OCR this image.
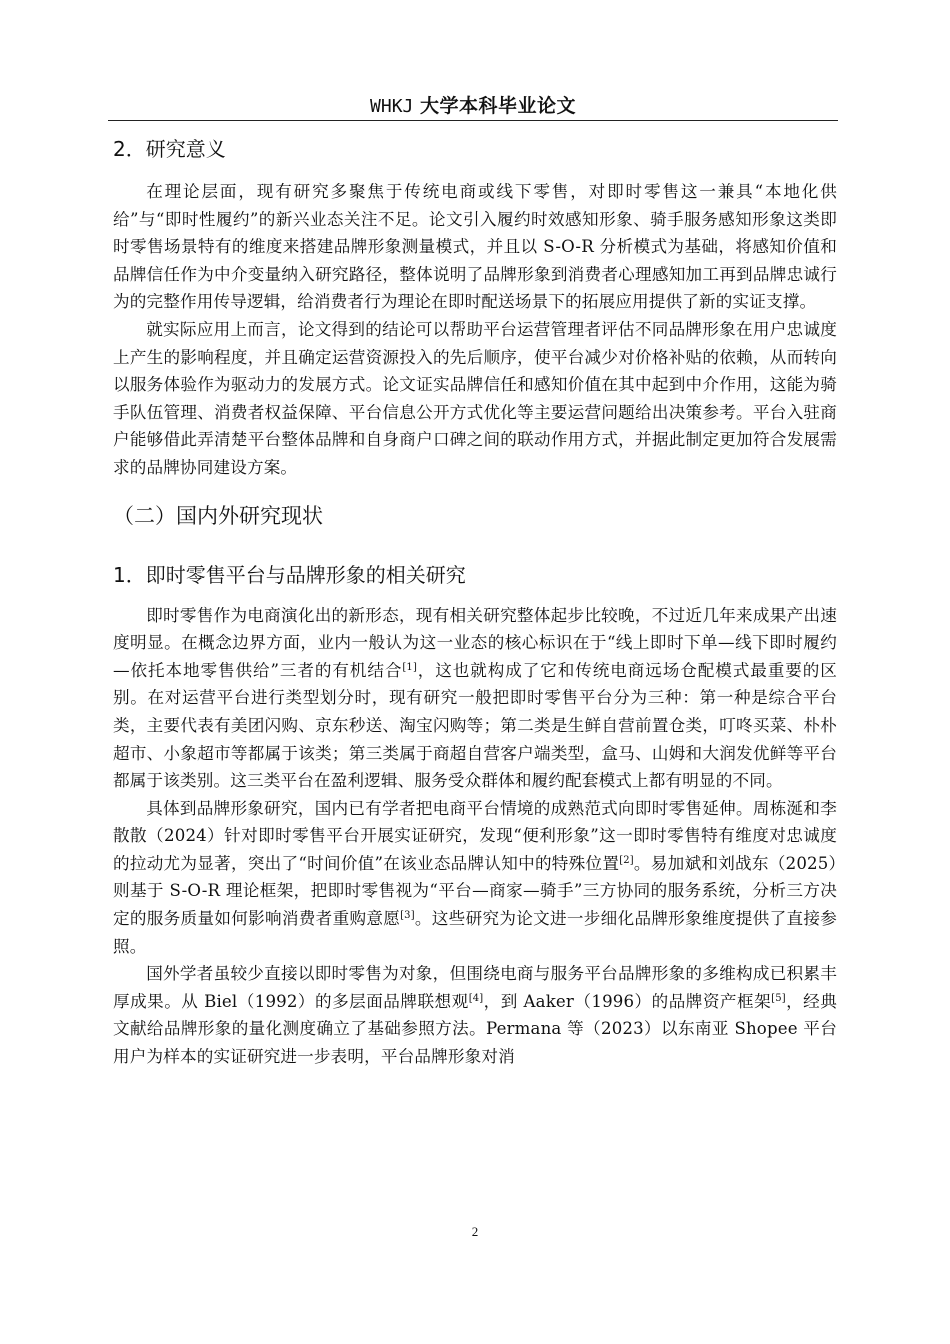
WHKJ 大学本科毕业论文
2．研究意义

在理论层面，现有研究多聚焦于传统电商或线下零售，对即时零售这一兼具“本地化供给”与“即时性履约”的新兴业态关注不足。论文引入履约时效感知形象、骑手服务感知形象这类即时零售场景特有的维度来搭建品牌形象测量模式，并且以 S-O-R 分析模式为基础，将感知价值和品牌信任作为中介变量纳入研究路径，整体说明了品牌形象到消费者心理感知加工再到品牌忠诚行为的完整作用传导逻辑，给消费者行为理论在即时配送场景下的拓展应用提供了新的实证支撑。

就实际应用上而言，论文得到的结论可以帮助平台运营管理者评估不同品牌形象在用户忠诚度上产生的影响程度，并且确定运营资源投入的先后顺序，使平台减少对价格补贴的依赖，从而转向以服务体验作为驱动力的发展方式。论文证实品牌信任和感知价值在其中起到中介作用，这能为骑手队伍管理、消费者权益保障、平台信息公开方式优化等主要运营问题给出决策参考。平台入驻商户能够借此弄清楚平台整体品牌和自身商户口碑之间的联动作用方式，并据此制定更加符合发展需求的品牌协同建设方案。

（二）国内外研究现状
1．即时零售平台与品牌形象的相关研究

即时零售作为电商演化出的新形态，现有相关研究整体起步比较晚，不过近几年来成果产出速度明显。在概念边界方面，业内一般认为这一业态的核心标识在于“线上即时下单—线下即时履约—依托本地零售供给”三者的有机结合[1]，这也就构成了它和传统电商远场仓配模式最重要的区别。在对运营平台进行类型划分时，现有研究一般把即时零售平台分为三种：第一种是综合平台类，主要代表有美团闪购、京东秒送、淘宝闪购等；第二类是生鲜自营前置仓类，叮咚买菜、朴朴超市、小象超市等都属于该类；第三类属于商超自营客户端类型，盒马、山姆和大润发优鲜等平台都属于该类别。这三类平台在盈利逻辑、服务受众群体和履约配套模式上都有明显的不同。

具体到品牌形象研究，国内已有学者把电商平台情境的成熟范式向即时零售延伸。周栋涎和李散散（2024）针对即时零售平台开展实证研究，发现“便利形象”这一即时零售特有维度对忠诚度的拉动尤为显著，突出了“时间价值”在该业态品牌认知中的特殊位置[2]。易加斌和刘战东（2025）则基于 S-O-R 理论框架，把即时零售视为“平台—商家—骑手”三方协同的服务系统，分析三方决定的服务质量如何影响消费者重购意愿[3]。这些研究为论文进一步细化品牌形象维度提供了直接参照。

国外学者虽较少直接以即时零售为对象，但围绕电商与服务平台品牌形象的多维构成已积累丰厚成果。从 Biel（1992）的多层面品牌联想观[4]，到 Aaker（1996）的品牌资产框架[5]，经典文献给品牌形象的量化测度确立了基础参照方法。Permana 等（2023）以东南亚 Shopee 平台用户为样本的实证研究进一步表明，平台品牌形象对消

2
